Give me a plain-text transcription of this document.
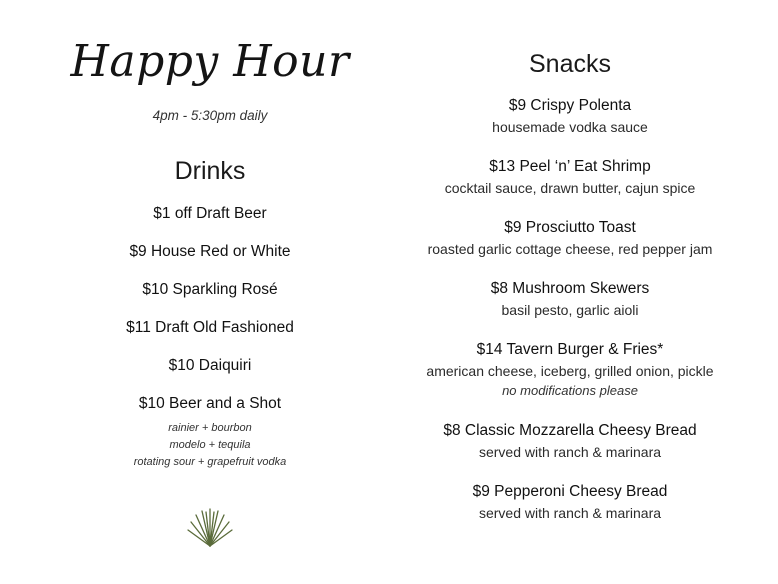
Happy Hour
4pm - 5:30pm daily
Drinks
$1 off Draft Beer
$9 House Red or White
$10 Sparkling Rosé
$11 Draft Old Fashioned
$10 Daiquiri
$10 Beer and a Shot
rainier + bourbon
modelo + tequila
rotating sour + grapefruit vodka
Snacks
$9 Crispy Polenta
housemade vodka sauce
$13 Peel ‘n’ Eat Shrimp
cocktail sauce, drawn butter, cajun spice
$9 Prosciutto Toast
roasted garlic cottage cheese, red pepper jam
$8 Mushroom Skewers
basil pesto, garlic aioli
$14 Tavern Burger & Fries*
american cheese, iceberg, grilled onion, pickle
no modifications please
$8 Classic Mozzarella Cheesy Bread
served with ranch & marinara
$9 Pepperoni Cheesy Bread
served with ranch & marinara
